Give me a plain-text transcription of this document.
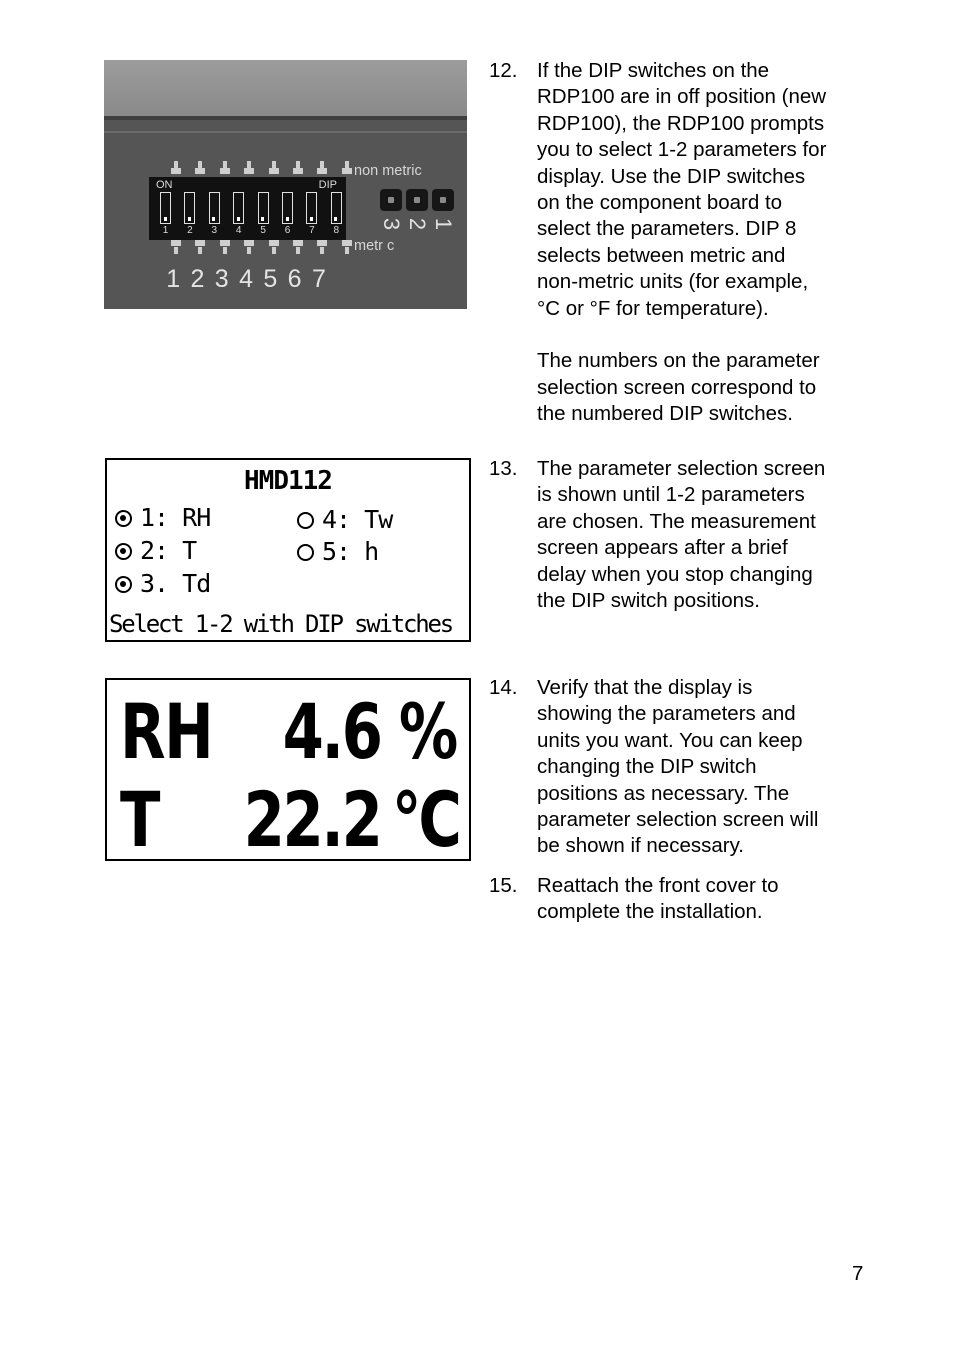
ON	DIP
1	2	3	4	5	6	7	8
non metric
metr c
3 2 1
1 2 3 4 5 6 7
HMD112
1: RH
2: T
3. Td
4: Tw
5: h
Select 1-2 with DIP switches
RH 4.6 %
T 22.2 °C
12. If the DIP switches on the
RDP100 are in off position (new
RDP100), the RDP100 prompts
you to select 1-2 parameters for
display. Use the DIP switches
on the component board to
select the parameters. DIP 8
selects between metric and
non-metric units (for example,
°C or °F for temperature).

The numbers on the parameter
selection screen correspond to
the numbered DIP switches.

13. The parameter selection screen
is shown until 1-2 parameters
are chosen. The measurement
screen appears after a brief
delay when you stop changing
the DIP switch positions.

14. Verify that the display is
showing the parameters and
units you want. You can keep
changing the DIP switch
positions as necessary. The
parameter selection screen will
be shown if necessary.

15. Reattach the front cover to
complete the installation.

7
